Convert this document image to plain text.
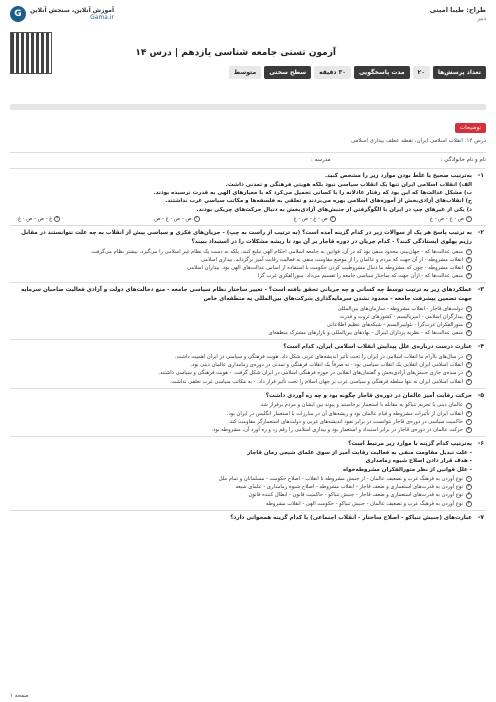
طراح: طیبا امینی
دبیر
G	آموزش آنلاین، سنجش آنلاین
Gama.ir
آزمون تستی جامعه شناسی یازدهم | درس ۱۴
تعداد پرسش‌ها
۲۰
مدت پاسخگویی
۳۰ دقیقه
سطح سختی
متوسط
توضیحات
درس ۱۴: انقلاب اسلامی ایران، نقطه عطف بیداری اسلامی
نام و نام خانوادگی :
مدرسه :
۱-
به‌ترتیب صحیح یا غلط بودن موارد زیر را مشخص کنید.
الف) انقلاب اسلامی ایران تنها یک انقلاب سیاسی نبود بلکه هویتی فرهنگی و تمدنی داشت.
ب) مشکل عدالت‌ها که این بود که رفتار عادلانه را با کسانی تحمیل می‌کرد که با معیارهای الهی به قدرت نرسیده بودند.
ج) انقلاب‌های آزادی‌بخش از آموزه‌های اسلامی بهره می‌بردند و تعلقی به فلسفه‌ها و مکاتب سیاسی غرب نداشتند.
د) یکی از غیرهای چپ در ایران با الگوگرفتن از جنبش‌های آزادی‌بخش به دنبال حرکت‌های چریکی بودند.
۱
ص - غ - ص - غ
۲
ص - غ - ص - غ
۳
ص - ص - غ - ص
۴
غ - ص - ص - غ
۲-
به ترتیب پاسخ هر یک از سوالات زیر در کدام گزینه آمده است؟ (به ترتیب از راست به چپ) - جریان‌های فکری و سیاسی پیش از انقلاب به چه علت نتوانستند در مقابل رژیم پهلوی ایستادگی کنند؟ - کدام جریان در دوره قاجار بر آن بود تا ریشه مشکلات را در استبداد ببیند؟
۱
منفی عدالت‌ها که - جهان‌بینی محدود منفی بود که در آن، قوانین به جامعه اسلامی احکام الهی تبلیغ کنند. بلکه به دست یک نظام غیر اسلامی را می‌گیرد. بیشتر نظام می‌گرفت.
۲
انقلاب مشروطه - از آن جهت که مردم و عالمان را از موضع مقاومت منفی به فعالیت رقابت آمیز برگرداند. بیداری اسلامی
۳
انقلاب مشروطه - چون که مشروطه ما دنبال مشروطیت کردن حکومت با استفاده از اساس عدالت‌های الهی بود. بیداران اسلامی
۴
منفی عدالت‌ها که - ازآن جهت که ساختار سیاسی جامعه را تقسیم می‌داد. منورالفکری غرب گرا
۳-
عملکردهای زیر به ترتیب توسط چه کسانی و چه جریانی تحقق یافته است؟ - تغییر ساختار نظام سیاسی جامعه - منع دخالت‌های دولت و آزادی فعالیت صاحبان سرمایه جهت تضمین پیشرفت جامعه - محدود نشدن سرمایه‌گذاری شرکت‌های بین‌المللی به منطقه‌ای خاص
۱
دولت‌های قاجار - انقلاب مشروطه - سازمان‌های بین‌المللی
۲
بیدارگران اسلامی - امپریالیسم - کشورهای ثروت و قدرت
۳
منورالفکران غرب‌گرا - نئولیبرالیسم - شبکه‌های عظیم اطلاعاتی
۴
منفی عدالت‌ها که - نظریه پردازان لیبرال - نهادهای بین‌المللی و بازارهای مشترک منطقه‌ای
۴-
عبارت درست درباره‌ی علل پیدایش انقلاب اسلامی ایران، کدام است؟
۱
در سال‌های ناآرام ما انقلاب اسلامی در ایران را تحت تأثیر اندیشه‌های غربی شکل داد. هویت فرهنگی و سیاسی در ایران اهمیت داشت.
۲
انقلاب اسلامی ایران انقلابی یک انقلاب سیاسی بود - نه صرفاً یک انقلاب فرهنگی و تمدنی در دوره‌ی زمامداری عالمان دینی بود.
۳
در سده‌ی جاری جنبش‌های آزادی‌بخش و گفتمان‌های انقلابی در حوزه فرهنگی اسلامی در ایران شکل گرفت. - هویت فرهنگی و سیاسی داشتند.
۴
انقلاب اسلامی ایران نه تنها سلطه فرهنگی و سیاسی غرب بر جهان اسلام را تحت تأثیر قرار داد. - به مکاتب سیاسی غرب تعلقی نداشت.
۵-
حرکت رقابت آمیز عالمان در دوره‌ی قاجار چگونه بود و چه ره آوردی داشت؟
۱
عالمان دینی با تحریم تنباکو به مقابله با استعمار برخاستند و پیوند بین ایشان و مردم برقرار شد.
۲
انقلاب ایران از تأثیرات مشروطه و قیام عالمان بود و ریشه‌های آن در مبارزات با استعمار انگلیس در ایران بود.
۳
حاکمیت سیاسی در دوره‌ی قاجار نتوانست در برابر نفوذ اندیشه‌های غربی و دولت‌های استعمارگر مقاومت کند.
۴
حرکت عالمان در دوره‌ی قاجار در برابر استبداد و استعمار بود و بیداری اسلامی را رقم زد و ره آورد آن، مشروطه بود.
۶-
به‌ترتیب کدام گزینه با موارد زیر مرتبط است؟
- علت تبدیل مقاومت منفی به فعالیت رقابت آمیز از سوی علمای شیعی زمان قاجار
- هدف قرار دادن اصلاح شیوه زمامداری
- علل قوانین از نظر منورالفکران مشروطه‌خواه
۱
نوع آوردن به فرهنگ غرب و تضعیف عالمان - از جنبش مشروطه تا انقلاب - اصلاح حکومت - مسلمانان و تمام ملل
۲
نوع آوردن به قدرت‌های استعماری و ضعف قاجار - انقلاب مشروطه - اصلاح شیوه زمامداری - علمای شیعه
۳
نوع آوردن به قدرت‌های استعماری و ضعف قاجار - جنبش تنباکو - حاکمیت قانون - ابطال کننده قانون
۴
نوع آوردن به فرهنگ غرب و تضعیف عالمان - جنبش تنباکو - حکومت الهی - انقلاب مشروطه
۷-
عبارت‌های (جنبش تنباکو - اصلاح ساختار - انقلاب اجتماعی) با کدام گزینه همخوانی دارد؟
صفحه ۱
